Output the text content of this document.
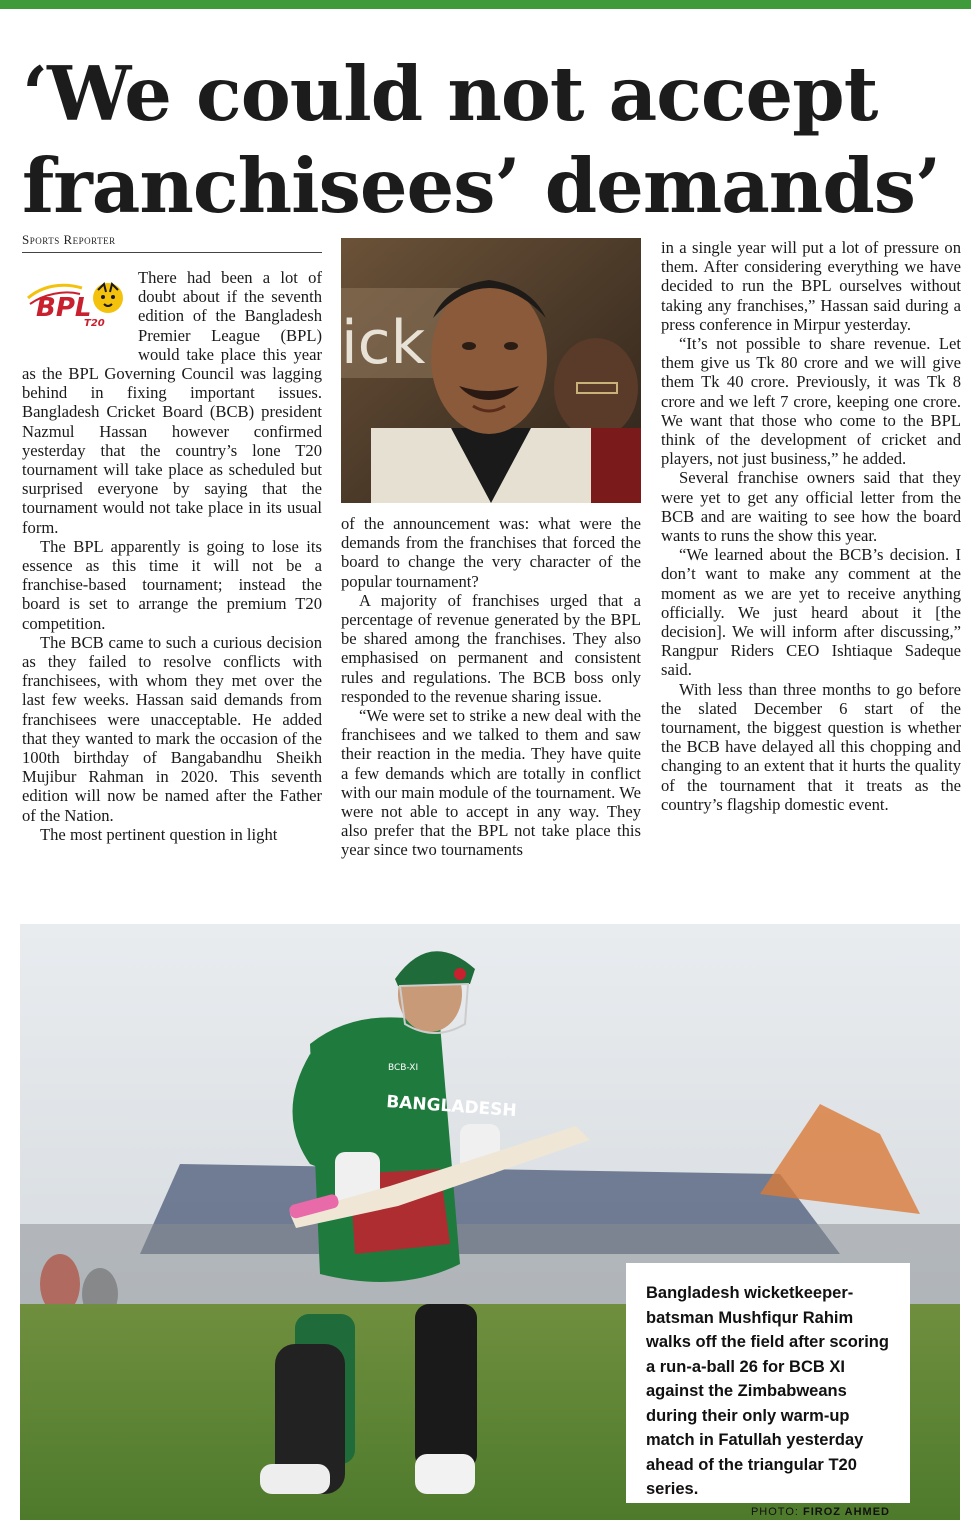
‘We could not accept franchisees’ demands’
Sports Reporter
BPL
T20

There had been a lot of doubt about if the seventh edition of the Bangladesh Premier League (BPL) would take place this year as the BPL Governing Council was lagging behind in fixing important issues. Bangladesh Cricket Board (BCB) president Nazmul Hassan however confirmed yesterday that the country’s lone T20 tournament will take place as scheduled but surprised everyone by saying that the tournament would not take place in its usual form.

The BPL apparently is going to lose its essence as this time it will not be a franchise-based tournament; instead the board is set to arrange the premium T20 competition.

The BCB came to such a curious decision as they failed to resolve conflicts with franchisees, with whom they met over the last few weeks. Hassan said demands from franchisees were unacceptable. He added that they wanted to mark the occasion of the 100th birthday of Bangabandhu Sheikh Mujibur Rahman in 2020. This seventh edition will now be named after the Father of the Nation.

The most pertinent question in light

ick

of the announcement was: what were the demands from the franchises that forced the board to change the very character of the popular tournament?

A majority of franchises urged that a percentage of revenue generated by the BPL be shared among the franchises. They also emphasised on permanent and consistent rules and regulations. The BCB boss only responded to the revenue sharing issue.

“We were set to strike a new deal with the franchisees and we talked to them and saw their reaction in the media. They have quite a few demands which are totally in conflict with our main module of the tournament. We were not able to accept in any way. They also prefer that the BPL not take place this year since two tournaments

in a single year will put a lot of pressure on them. After considering everything we have decided to run the BPL ourselves without taking any franchises,” Hassan said during a press conference in Mirpur yesterday.

“It’s not possible to share revenue. Let them give us Tk 80 crore and we will give them Tk 40 crore. Previously, it was Tk 8 crore and we left 7 crore, keeping one crore. We want that those who come to the BPL think of the development of cricket and players, not just business,” he added.

Several franchise owners said that they were yet to get any official letter from the BCB and are waiting to see how the board wants to runs the show this year.

“We learned about the BCB’s decision. I don’t want to make any comment at the moment as we are yet to receive anything officially. We just heard about it [the decision]. We will inform after discussing,” Rangpur Riders CEO Ishtiaque Sadeque said.

With less than three months to go before the slated December 6 start of the tournament, the biggest question is whether the BCB have delayed all this chopping and changing to an extent that it hurts the quality of the tournament that it treats as the country’s flagship domestic event.

BANGLADESH
BCB-XI
Bangladesh wicketkeeper-batsman Mushfiqur Rahim walks off the field after scoring a run-a-ball 26 for BCB XI against the Zimbabweans during their only warm-up match in Fatullah yesterday ahead of the triangular T20 series.
PHOTO: FIROZ AHMED
